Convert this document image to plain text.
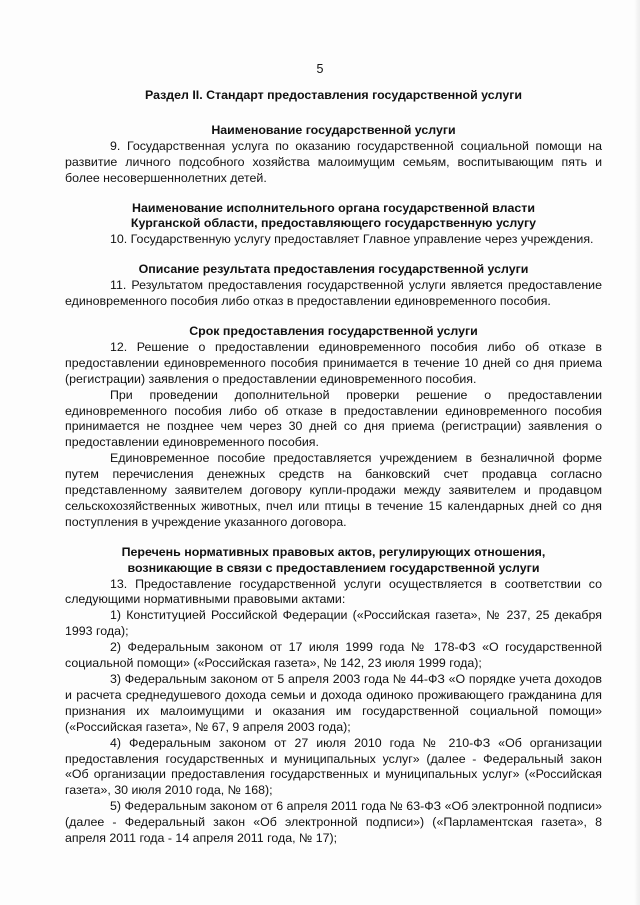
5
Раздел II. Стандарт предоставления государственной услуги
Наименование государственной услуги

9. Государственная услуга по оказанию государственной социальной помощи на развитие личного подсобного хозяйства малоимущим семьям, воспитывающим пять и более несовершеннолетних детей.

Наименование исполнительного органа государственной власти
Курганской области, предоставляющего государственную услугу

10. Государственную услугу предоставляет Главное управление через учреждения.

Описание результата предоставления государственной услуги

11. Результатом предоставления государственной услуги является предоставление единовременного пособия либо отказ в предоставлении единовременного пособия.

Срок предоставления государственной услуги

12. Решение о предоставлении единовременного пособия либо об отказе в предоставлении единовременного пособия принимается в течение 10 дней со дня приема (регистрации) заявления о предоставлении единовременного пособия.

При проведении дополнительной проверки решение о предоставлении единовременного пособия либо об отказе в предоставлении единовременного пособия принимается не позднее чем через 30 дней со дня приема (регистрации) заявления о предоставлении единовременного пособия.

Единовременное пособие предоставляется учреждением в безналичной форме путем перечисления денежных средств на банковский счет продавца согласно представленному заявителем договору купли-продажи между заявителем и продавцом сельскохозяйственных животных, пчел или птицы в течение 15 календарных дней со дня поступления в учреждение указанного договора.

Перечень нормативных правовых актов, регулирующих отношения,
возникающие в связи с предоставлением государственной услуги

13. Предоставление государственной услуги осуществляется в соответствии со следующими нормативными правовыми актами:

1) Конституцией Российской Федерации («Российская газета», № 237, 25 декабря 1993 года);

2) Федеральным законом от 17 июля 1999 года № 178-ФЗ «О государственной социальной помощи» («Российская газета», № 142, 23 июля 1999 года);

3) Федеральным законом от 5 апреля 2003 года № 44-ФЗ «О порядке учета доходов и расчета среднедушевого дохода семьи и дохода одиноко проживающего гражданина для признания их малоимущими и оказания им государственной социальной помощи» («Российская газета», № 67, 9 апреля 2003 года);

4) Федеральным законом от 27 июля 2010 года № 210-ФЗ «Об организации предоставления государственных и муниципальных услуг» (далее - Федеральный закон «Об организации предоставления государственных и муниципальных услуг» («Российская газета», 30 июля 2010 года, № 168);

5) Федеральным законом от 6 апреля 2011 года № 63-ФЗ «Об электронной подписи» (далее - Федеральный закон «Об электронной подписи») («Парламентская газета», 8 апреля 2011 года - 14 апреля 2011 года, № 17);
